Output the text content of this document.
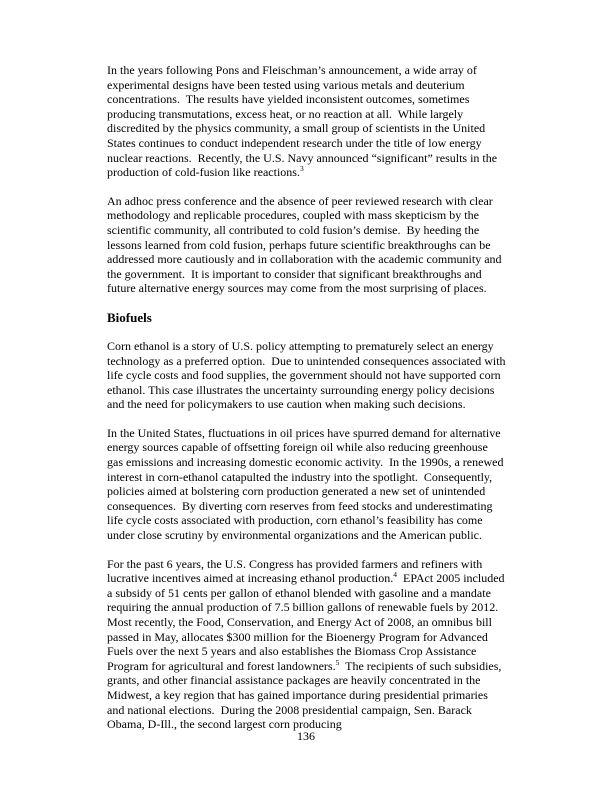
In the years following Pons and Fleischman’s announcement, a wide array of experimental designs have been tested using various metals and deuterium concentrations.  The results have yielded inconsistent outcomes, sometimes producing transmutations, excess heat, or no reaction at all.  While largely discredited by the physics community, a small group of scientists in the United States continues to conduct independent research under the title of low energy nuclear reactions.  Recently, the U.S. Navy announced “significant” results in the production of cold-fusion like reactions.$^3$

An adhoc press conference and the absence of peer reviewed research with clear methodology and replicable procedures, coupled with mass skepticism by the scientific community, all contributed to cold fusion’s demise.  By heeding the lessons learned from cold fusion, perhaps future scientific breakthroughs can be addressed more cautiously and in collaboration with the academic community and the government.  It is important to consider that significant breakthroughs and future alternative energy sources may come from the most surprising of places.

Biofuels

Corn ethanol is a story of U.S. policy attempting to prematurely select an energy technology as a preferred option.  Due to unintended consequences associated with life cycle costs and food supplies, the government should not have supported corn ethanol. This case illustrates the uncertainty surrounding energy policy decisions and the need for policymakers to use caution when making such decisions.

In the United States, fluctuations in oil prices have spurred demand for alternative energy sources capable of offsetting foreign oil while also reducing greenhouse gas emissions and increasing domestic economic activity.  In the 1990s, a renewed interest in corn-ethanol catapulted the industry into the spotlight.  Consequently, policies aimed at bolstering corn production generated a new set of unintended consequences.  By diverting corn reserves from feed stocks and underestimating life cycle costs associated with production, corn ethanol’s feasibility has come under close scrutiny by environmental organizations and the American public.

For the past 6 years, the U.S. Congress has provided farmers and refiners with lucrative incentives aimed at increasing ethanol production.$^4$  EPAct 2005 included a subsidy of 51 cents per gallon of ethanol blended with gasoline and a mandate requiring the annual production of 7.5 billion gallons of renewable fuels by 2012.  Most recently, the Food, Conservation, and Energy Act of 2008, an omnibus bill passed in May, allocates $300 million for the Bioenergy Program for Advanced Fuels over the next 5 years and also establishes the Biomass Crop Assistance Program for agricultural and forest landowners.$^5$  The recipients of such subsidies, grants, and other financial assistance packages are heavily concentrated in the Midwest, a key region that has gained importance during presidential primaries and national elections.  During the 2008 presidential campaign, Sen. Barack Obama, D-Ill., the second largest corn producing

136
